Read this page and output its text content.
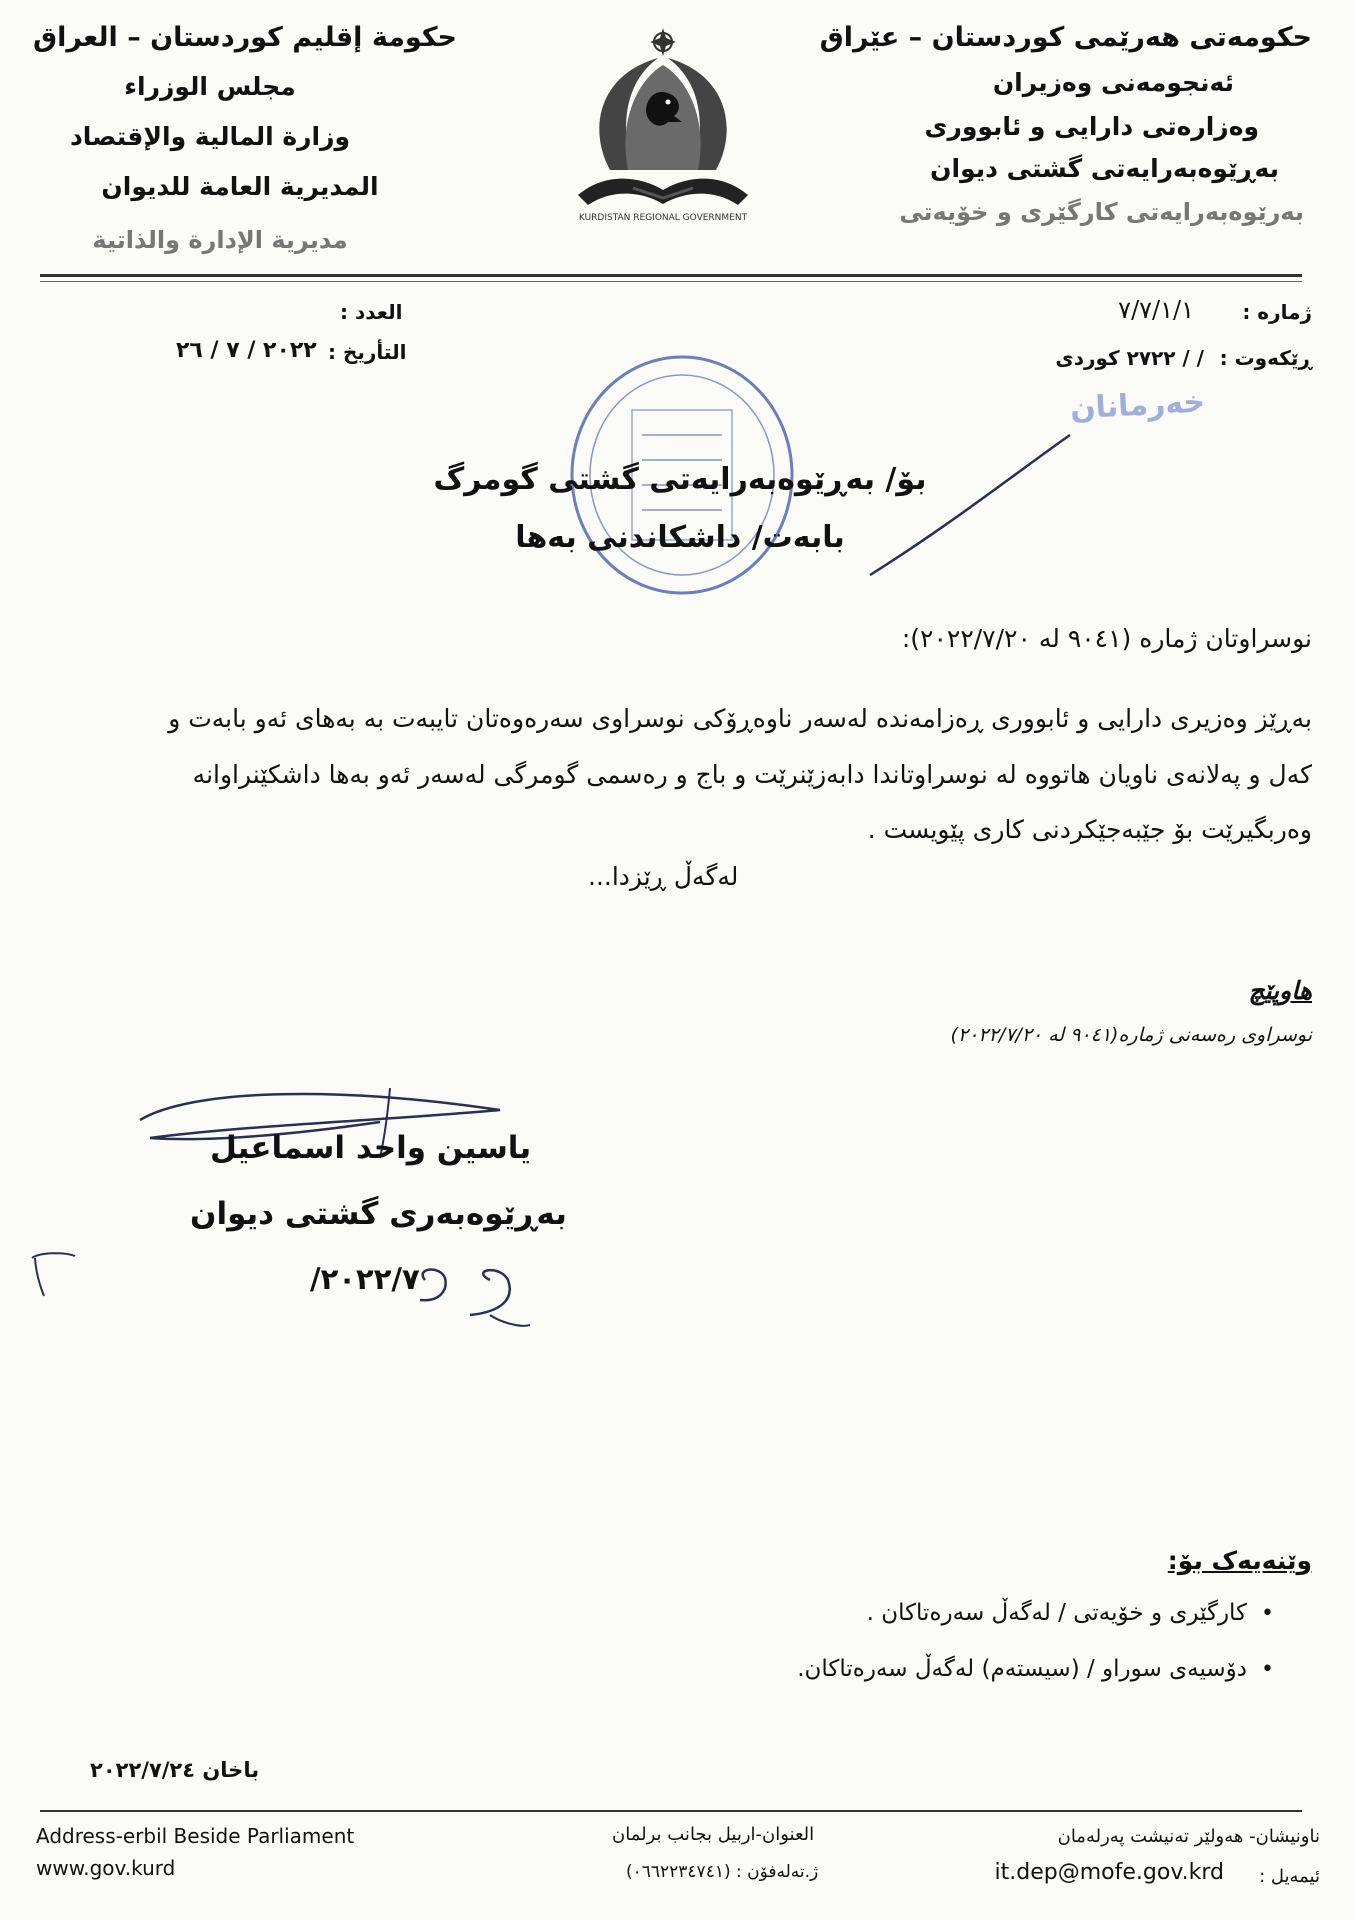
حکومەتی هەرێمی کوردستان – عێراق
ئەنجومەنی وەزیران
وەزارەتی دارایی و ئابووری
بەڕێوەبەرایەتی گشتی دیوان
بەرێوەبەرایەتی کارگێری و خۆیەتی
حكومة إقليم كوردستان – العراق
مجلس الوزراء
وزارة المالية والإقتصاد
المديرية العامة للديوان
مديرية الإدارة والذاتية
KURDISTAN REGIONAL GOVERNMENT
ژمارە :
٧/٧/١/١
ڕێکەوت :
/ / ٢٧٢٢ کوردی
العدد :
التأريخ :
٢٠٢٢ / ٧ / ٢٦
خەرمانان
بۆ/ بەڕێوەبەرایەتی گشتی گومرگ
بابەت/ داشکاندنی بەها
نوسراوتان ژمارە (٩٠٤١ لە ٢٠٢٢/٧/٢٠):
بەڕێز وەزیری دارایی و ئابووری ڕەزامەندە لەسەر ناوەڕۆکی نوسراوی سەرەوەتان تایبەت بە بەهای ئەو بابەت و
کەل و پەلانەی ناویان هاتووە لە نوسراوتاندا دابەزێنرێت و باج و رەسمی گومرگی لەسەر ئەو بەها داشکێنراوانە
وەربگیرێت بۆ جێبەجێکردنی کاری پێویست .
لەگەڵ ڕێزدا...
هاوپێچ
نوسراوی رەسەنی ژمارە(٩٠٤١ لە ٢٠٢٢/٧/٢٠)
یاسین واحد اسماعیل
بەڕێوەبەری گشتی دیوان
٢٠٢٢/٧/
وێنەیەک بۆ:
• کارگێری و خۆیەتی / لەگەڵ سەرەتاکان .
• دۆسیەی سوراو / (سیستەم) لەگەڵ سەرەتاکان.
باخان ٢٠٢٢/٧/٢٤
Address-erbil Beside Parliament
www.gov.kurd
العنوان-اربيل بجانب برلمان
ژ.تەلەفۆن : (٠٦٦٢٢٣٤٧٤١)
ناونیشان- هەولێر تەنیشت پەرلەمان
ئیمەیل :
it.dep@mofe.gov.krd
